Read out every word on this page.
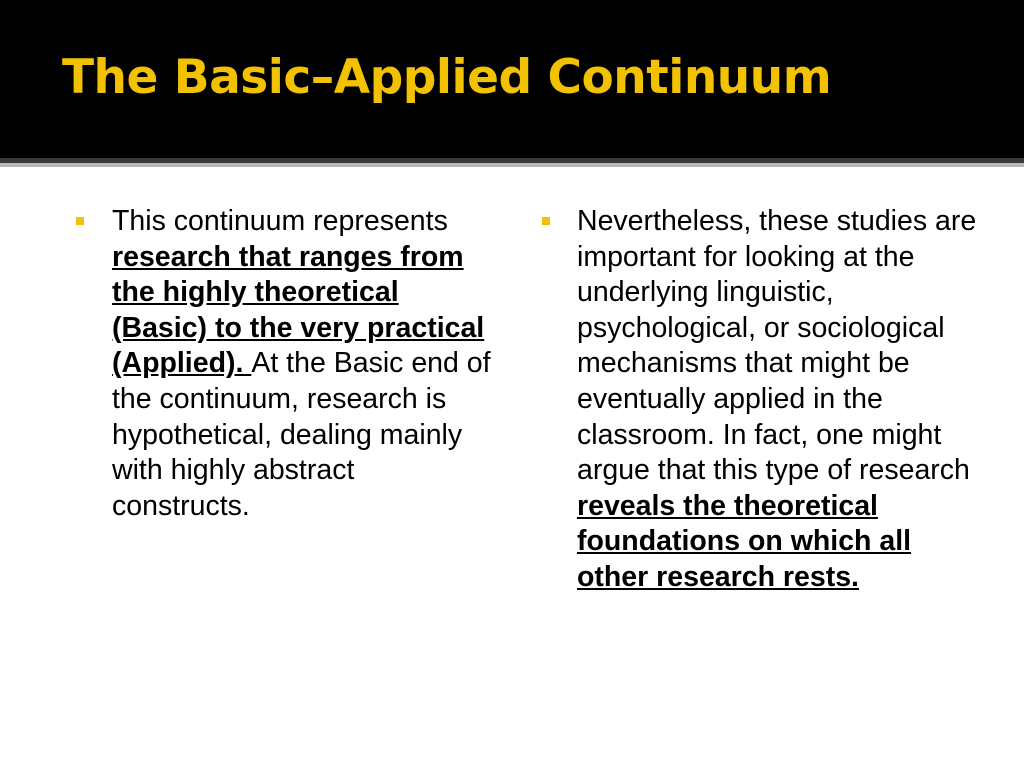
The Basic–Applied Continuum

This continuum represents research that ranges from the highly theoretical (Basic) to the very practical (Applied). At the Basic end of the continuum, research is hypothetical, dealing mainly with highly abstract constructs.

Nevertheless, these studies are important for looking at the underlying linguistic, psychological, or sociological mechanisms that might be eventually applied in the classroom. In fact, one might argue that this type of research reveals the theoretical foundations on which all other research rests.
